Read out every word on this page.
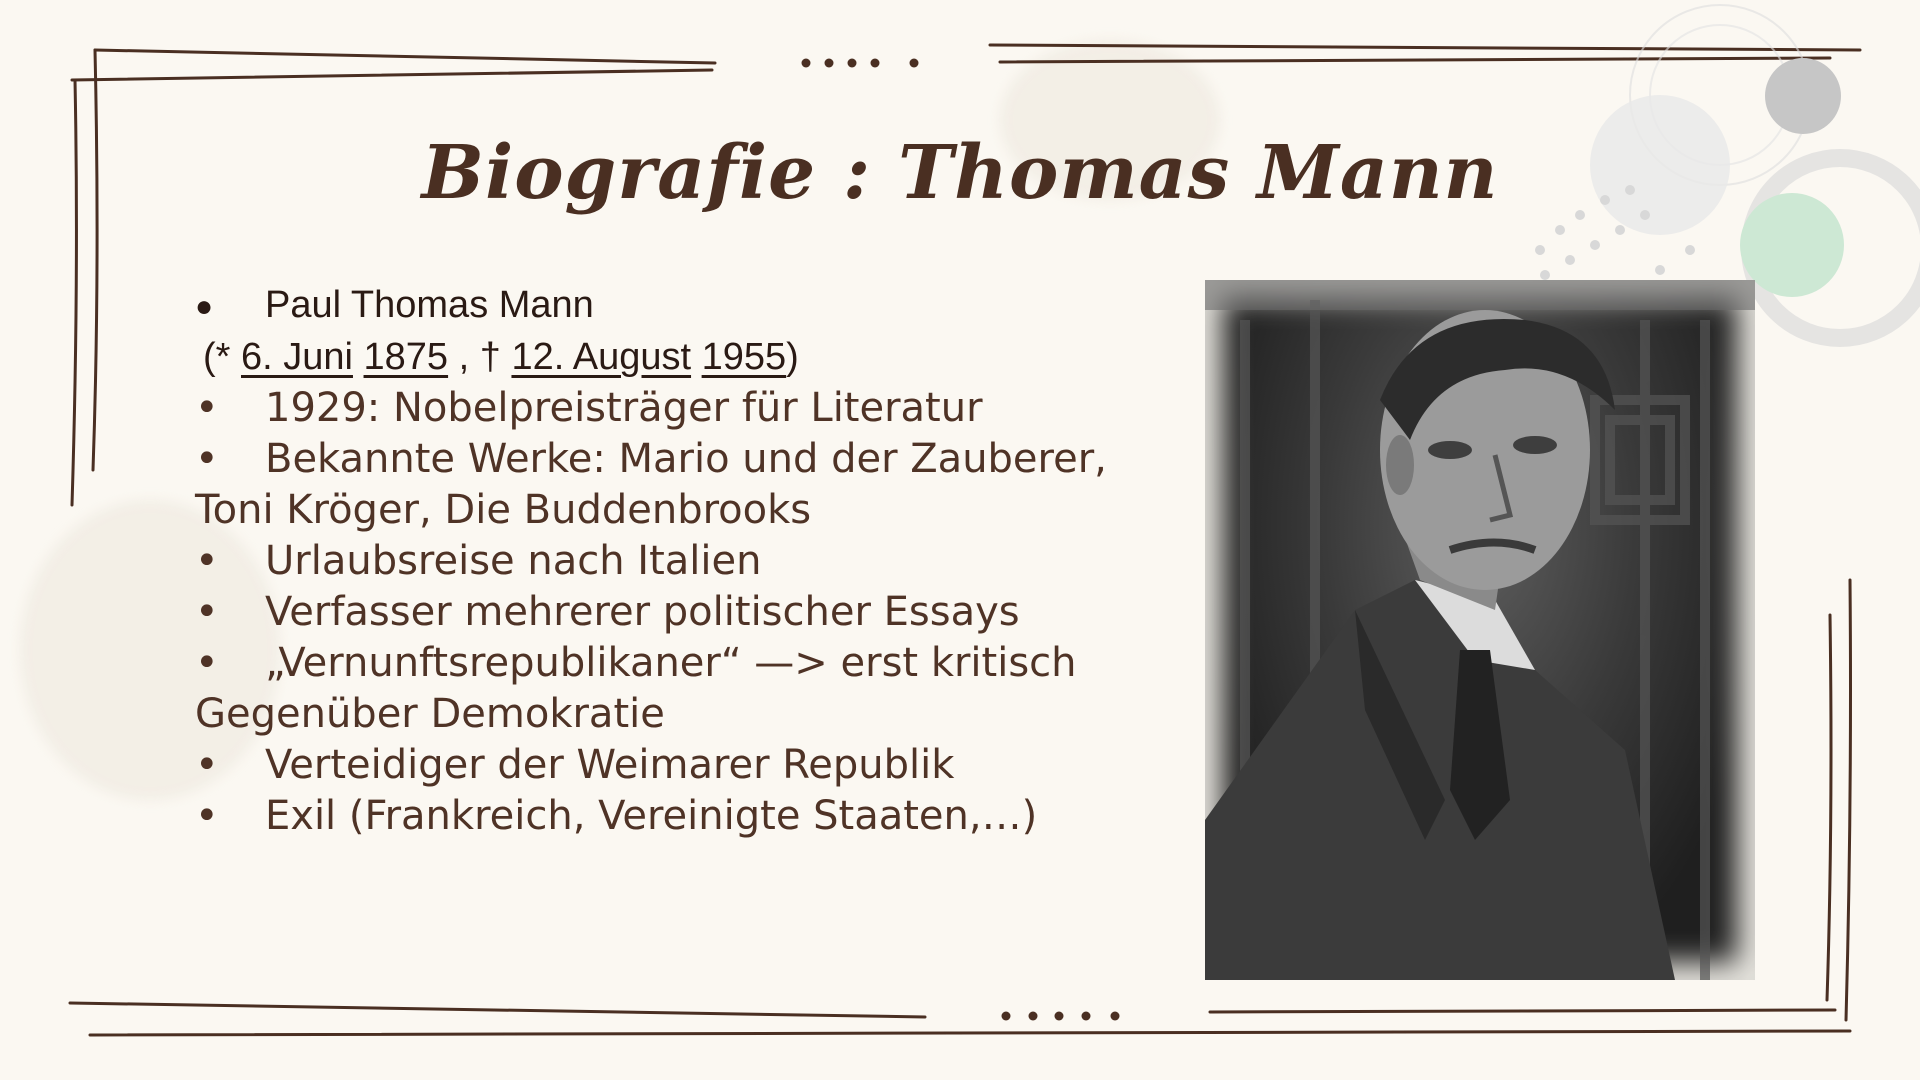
Biografie : Thomas Mann
● Paul Thomas Mann
(* 6. Juni 1875 , † 12. August 1955)
• 1929: Nobelpreisträger für Literatur
• Bekannte Werke: Mario und der Zauberer,
Toni Kröger, Die Buddenbrooks
• Urlaubsreise nach Italien
• Verfasser mehrerer politischer Essays
• „Vernunftsrepublikaner“ —> erst kritisch
Gegenüber Demokratie
• Verteidiger der Weimarer Republik
• Exil (Frankreich, Vereinigte Staaten,…)
